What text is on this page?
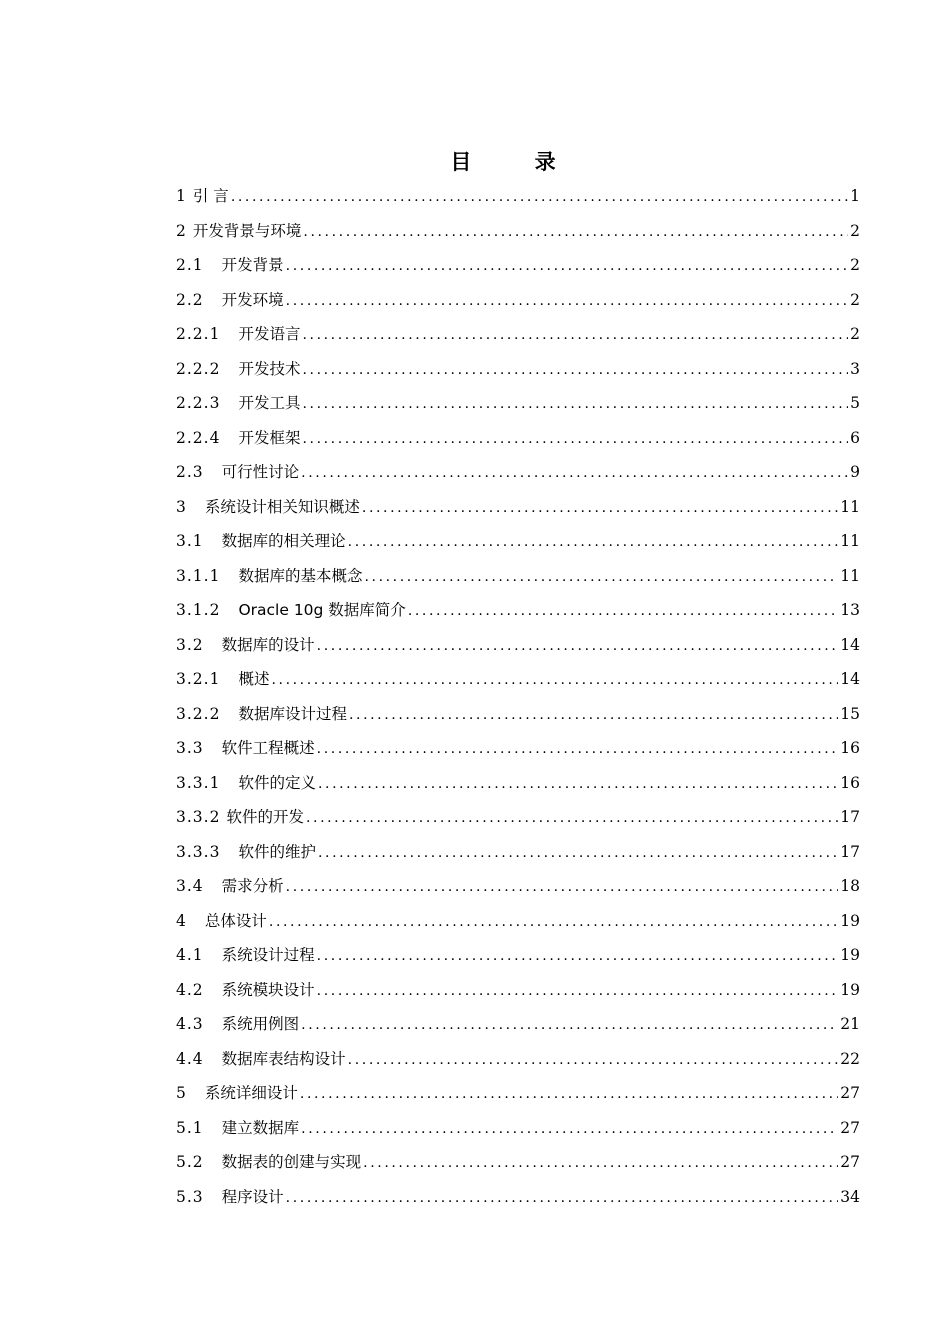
目 录
1 引 言 .....	1
2 开发背景与环境 .....	2
2.1 开发背景 .....	2
2.2 开发环境 .....	2
2.2.1 开发语言 .....	2
2.2.2 开发技术 .....	3
2.2.3 开发工具 .....	5
2.2.4 开发框架 .....	6
2.3 可行性讨论 .....	9
3 系统设计相关知识概述 .....	11
3.1 数据库的相关理论 .....	11
3.1.1 数据库的基本概念 .....	11
3.1.2 Oracle 10g 数据库简介 .....	13
3.2 数据库的设计 .....	14
3.2.1 概述 .....	14
3.2.2 数据库设计过程 .....	15
3.3 软件工程概述 .....	16
3.3.1 软件的定义 .....	16
3.3.2 软件的开发 .....	17
3.3.3 软件的维护 .....	17
3.4 需求分析 .....	18
4 总体设计 .....	19
4.1 系统设计过程 .....	19
4.2 系统模块设计 .....	19
4.3 系统用例图 .....	21
4.4 数据库表结构设计 .....	22
5 系统详细设计 .....	27
5.1 建立数据库 .....	27
5.2 数据表的创建与实现 .....	27
5.3 程序设计 .....	34
